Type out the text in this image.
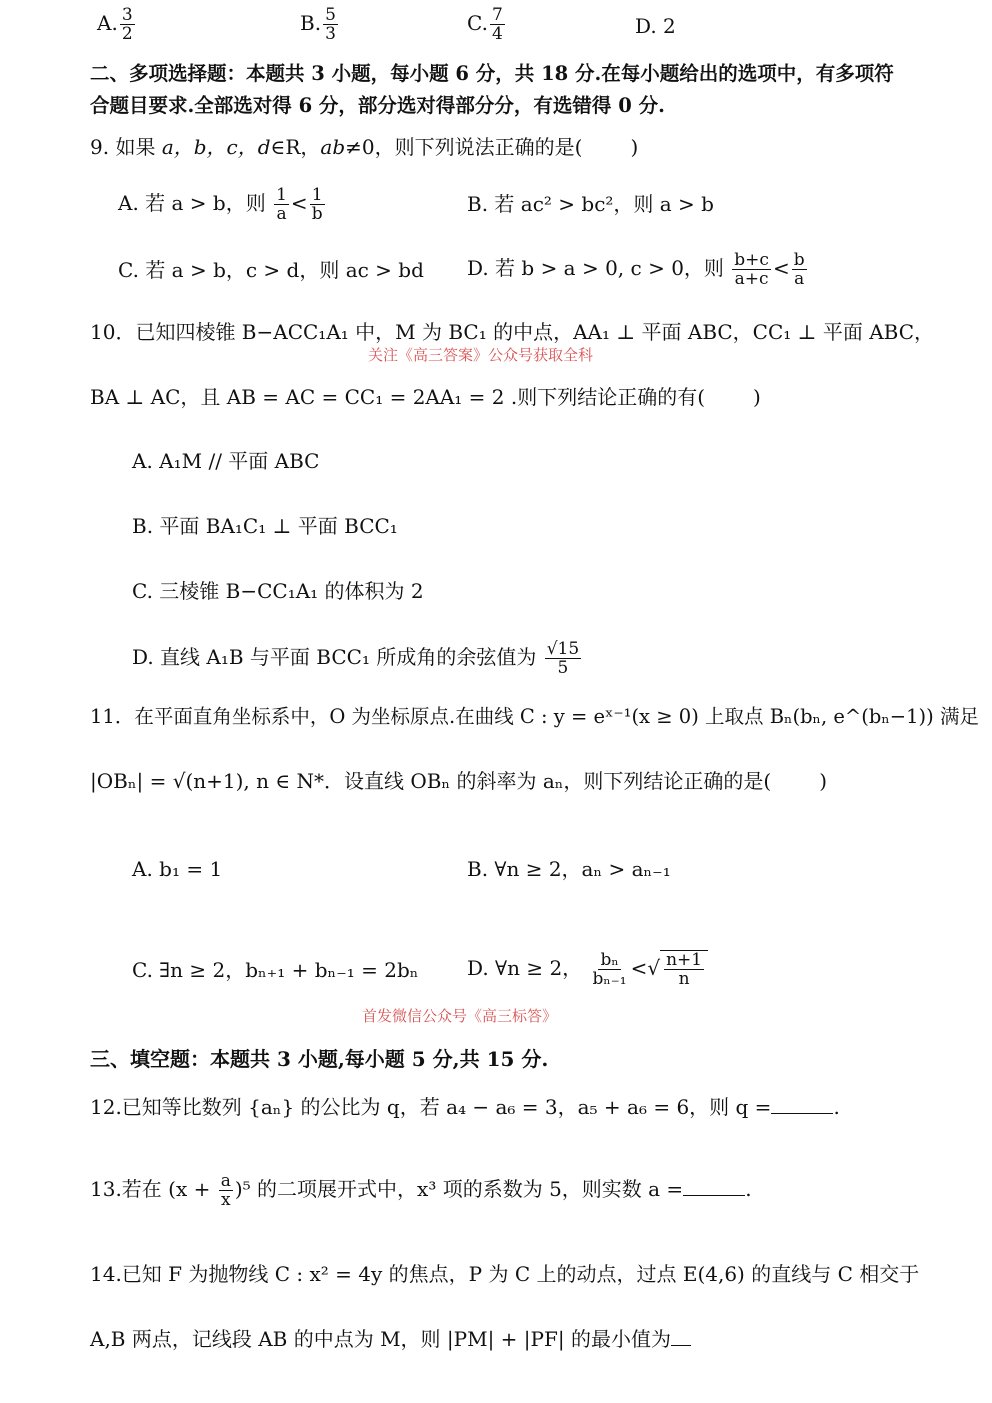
A. $\frac{3}{2}$	B. $\frac{5}{3}$	C. $\frac{7}{4}$	D. 2
二、多项选择题：本题共 3 小题，每小题 6 分，共 18 分.在每小题给出的选项中，有多项符
合题目要求.全部选对得 6 分，部分选对得部分分，有选错得 0 分.
9. 如果 a，b，c，d∈R，ab≠0，则下列说法正确的是( )
A. 若 a > b，则 $\frac{1}{a} < \frac{1}{b}$	B. 若 ac² > bc²，则 a > b
C. 若 a > b，c > d，则 ac > bd D. 若 b > a > 0, c > 0，则 $\frac{b+c}{a+c} < \frac{b}{a}$
10．已知四棱锥 B−ACC₁A₁ 中，M 为 BC₁ 的中点，AA₁ ⊥ 平面 ABC，CC₁ ⊥ 平面 ABC，
关注《高三答案》公众号获取全科
BA ⊥ AC，且 AB = AC = CC₁ = 2AA₁ = 2 .则下列结论正确的有( )
A. A₁M // 平面 ABC
B. 平面 BA₁C₁ ⊥ 平面 BCC₁
C. 三棱锥 B−CC₁A₁ 的体积为 2
D. 直线 A₁B 与平面 BCC₁ 所成角的余弦值为 $\frac{√15}{5}$
11．在平面直角坐标系中，O 为坐标原点.在曲线 C : y = eˣ⁻¹(x ≥ 0) 上取点 Bₙ(bₙ, e^(bₙ−1)) 满足
|OBₙ| = √(n+1), n ∈ N*．设直线 OBₙ 的斜率为 aₙ，则下列结论正确的是( )
A. b₁ = 1	B. ∀n ≥ 2，aₙ > aₙ₋₁
C. ∃n ≥ 2，bₙ₊₁ + bₙ₋₁ = 2bₙ D. ∀n ≥ 2， $\frac{\text{bₙ}}{\text{bₙ₋₁}}$ <√ $\frac{n+1}{n}$
首发微信公众号《高三标答》
三、填空题：本题共 3 小题,每小题 5 分,共 15 分.
12.已知等比数列 {aₙ} 的公比为 q，若 a₄ − a₆ = 3，a₅ + a₆ = 6，则 q =	.
13.若在 $(x + \frac{a}{x} )^5$ 的二项展开式中，x³ 项的系数为 5，则实数 a =	.
14.已知 F 为抛物线 C : x² = 4y 的焦点，P 为 C 上的动点，过点 E(4,6) 的直线与 C 相交于
A,B 两点，记线段 AB 的中点为 M，则 |PM| + |PF| 的最小值为
